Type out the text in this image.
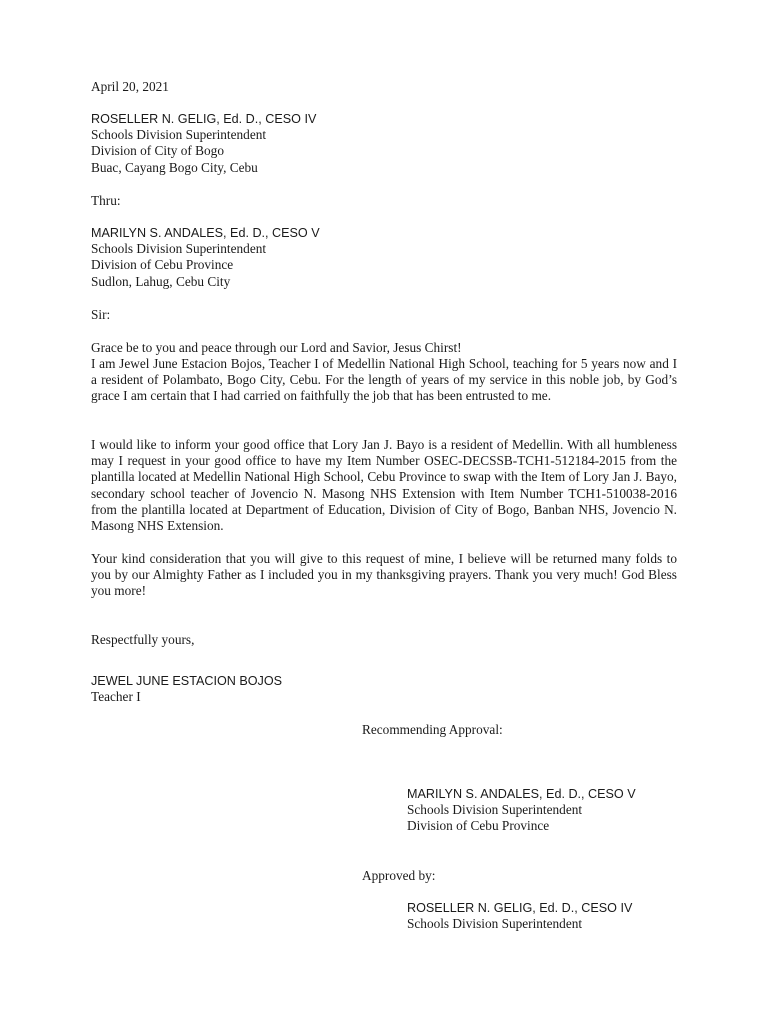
April 20, 2021
ROSELLER N. GELIG, Ed. D., CESO IV
Schools Division Superintendent
Division of City of Bogo
Buac, Cayang Bogo City, Cebu
Thru:
MARILYN S. ANDALES, Ed. D., CESO V
Schools Division Superintendent
Division of Cebu Province
Sudlon, Lahug, Cebu City
Sir:
Grace be to you and peace through our Lord and Savior, Jesus Chirst!
I am Jewel June Estacion Bojos, Teacher I of Medellin National High School, teaching for 5 years now and I a resident of Polambato, Bogo City, Cebu. For the length of years of my service in this noble job, by God’s grace I am certain that I had carried on faithfully the job that has been entrusted to me.
I would like to inform your good office that Lory Jan J. Bayo is a resident of Medellin. With all humbleness may I request in your good office to have my Item Number OSEC-DECSSB-TCH1-512184-2015 from the plantilla located at Medellin National High School, Cebu Province to swap with the Item of Lory Jan J. Bayo, secondary school teacher of Jovencio N. Masong NHS Extension with Item Number TCH1-510038-2016 from the plantilla located at Department of Education, Division of City of Bogo, Banban NHS, Jovencio N. Masong NHS Extension.
Your kind consideration that you will give to this request of mine, I believe will be returned many folds to you by our Almighty Father as I included you in my thanksgiving prayers. Thank you very much! God Bless you more!
Respectfully yours,
JEWEL JUNE ESTACION BOJOS
Teacher I
Recommending Approval:
MARILYN S. ANDALES, Ed. D., CESO V
Schools Division Superintendent
Division of Cebu Province
Approved by:
ROSELLER N. GELIG, Ed. D., CESO IV
Schools Division Superintendent
